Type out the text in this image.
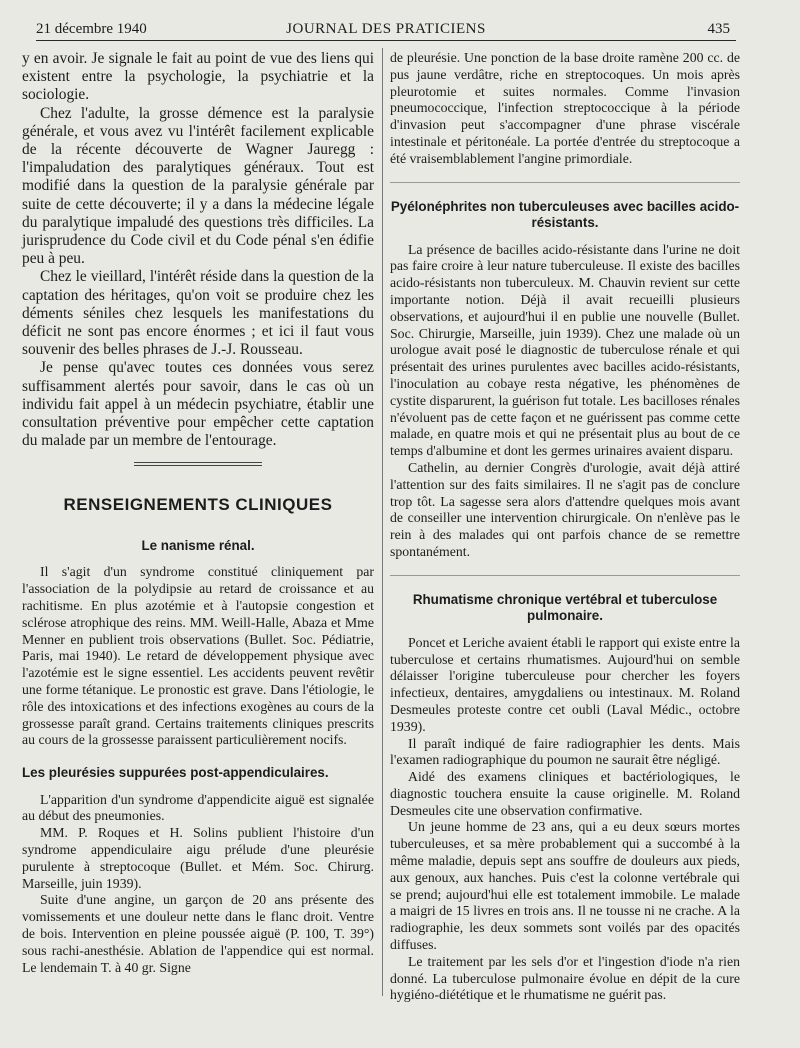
21 décembre 1940	JOURNAL DES PRATICIENS	435

y en avoir. Je signale le fait au point de vue des liens qui existent entre la psychologie, la psychiatrie et la sociologie.

Chez l'adulte, la grosse démence est la paralysie générale, et vous avez vu l'intérêt facilement explicable de la récente découverte de Wagner Jauregg : l'impaludation des paralytiques généraux. Tout est modifié dans la question de la paralysie générale par suite de cette découverte; il y a dans la médecine légale du paralytique impaludé des questions très difficiles. La jurisprudence du Code civil et du Code pénal s'en édifie peu à peu.

Chez le vieillard, l'intérêt réside dans la question de la captation des héritages, qu'on voit se produire chez les déments séniles chez lesquels les manifestations du déficit ne sont pas encore énormes ; et ici il faut vous souvenir des belles phrases de J.-J. Rousseau.

Je pense qu'avec toutes ces données vous serez suffisamment alertés pour savoir, dans le cas où un individu fait appel à un médecin psychiatre, établir une consultation préventive pour empêcher cette captation du malade par un membre de l'entourage.

RENSEIGNEMENTS CLINIQUES
Le nanisme rénal.

Il s'agit d'un syndrome constitué cliniquement par l'association de la polydipsie au retard de croissance et au rachitisme. En plus azotémie et à l'autopsie congestion et sclérose atrophique des reins. MM. Weill-Halle, Abaza et Mme Menner en publient trois observations (Bullet. Soc. Pédiatrie, Paris, mai 1940). Le retard de développement physique avec l'azotémie est le signe essentiel. Les accidents peuvent revêtir une forme tétanique. Le pronostic est grave. Dans l'étiologie, le rôle des intoxications et des infections exogènes au cours de la grossesse paraît grand. Certains traitements cliniques prescrits au cours de la grossesse paraissent particulièrement nocifs.

Les pleurésies suppurées post-appendiculaires.

L'apparition d'un syndrome d'appendicite aiguë est signalée au début des pneumonies.

MM. P. Roques et H. Solins publient l'histoire d'un syndrome appendiculaire aigu prélude d'une pleurésie purulente à streptocoque (Bullet. et Mém. Soc. Chirurg. Marseille, juin 1939).

Suite d'une angine, un garçon de 20 ans présente des vomissements et une douleur nette dans le flanc droit. Ventre de bois. Intervention en pleine poussée aiguë (P. 100, T. 39°) sous rachi-anesthésie. Ablation de l'appendice qui est normal. Le lendemain T. à 40 gr. Signe

de pleurésie. Une ponction de la base droite ramène 200 cc. de pus jaune verdâtre, riche en streptocoques. Un mois après pleurotomie et suites normales. Comme l'invasion pneumococcique, l'infection streptococcique à la période d'invasion peut s'accompagner d'une phrase viscérale intestinale et péritonéale. La portée d'entrée du streptocoque a été vraisemblablement l'angine primordiale.

Pyélonéphrites non tuberculeuses avec bacilles acido-résistants.

La présence de bacilles acido-résistante dans l'urine ne doit pas faire croire à leur nature tuberculeuse. Il existe des bacilles acido-résistants non tuberculeux. M. Chauvin revient sur cette importante notion. Déjà il avait recueilli plusieurs observations, et aujourd'hui il en publie une nouvelle (Bullet. Soc. Chirurgie, Marseille, juin 1939). Chez une malade où un urologue avait posé le diagnostic de tuberculose rénale et qui présentait des urines purulentes avec bacilles acido-résistants, l'inoculation au cobaye resta négative, les phénomènes de cystite disparurent, la guérison fut totale. Les bacilloses rénales n'évoluent pas de cette façon et ne guérissent pas comme cette malade, en quatre mois et qui ne présentait plus au bout de ce temps d'albumine et dont les germes urinaires avaient disparu.

Cathelin, au dernier Congrès d'urologie, avait déjà attiré l'attention sur des faits similaires. Il ne s'agit pas de conclure trop tôt. La sagesse sera alors d'attendre quelques mois avant de conseiller une intervention chirurgicale. On n'enlève pas le rein à des malades qui ont parfois chance de se remettre spontanément.

Rhumatisme chronique vertébral et tuberculose pulmonaire.

Poncet et Leriche avaient établi le rapport qui existe entre la tuberculose et certains rhumatismes. Aujourd'hui on semble délaisser l'origine tuberculeuse pour chercher les foyers infectieux, dentaires, amygdaliens ou intestinaux. M. Roland Desmeules proteste contre cet oubli (Laval Médic., octobre 1939).

Il paraît indiqué de faire radiographier les dents. Mais l'examen radiographique du poumon ne saurait être négligé.

Aidé des examens cliniques et bactériologiques, le diagnostic touchera ensuite la cause originelle. M. Roland Desmeules cite une observation confirmative.

Un jeune homme de 23 ans, qui a eu deux sœurs mortes tuberculeuses, et sa mère probablement qui a succombé à la même maladie, depuis sept ans souffre de douleurs aux pieds, aux genoux, aux hanches. Puis c'est la colonne vertébrale qui se prend; aujourd'hui elle est totalement immobile. Le malade a maigri de 15 livres en trois ans. Il ne tousse ni ne crache. A la radiographie, les deux sommets sont voilés par des opacités diffuses.

Le traitement par les sels d'or et l'ingestion d'iode n'a rien donné. La tuberculose pulmonaire évolue en dépit de la cure hygiéno-diététique et le rhumatisme ne guérit pas.
